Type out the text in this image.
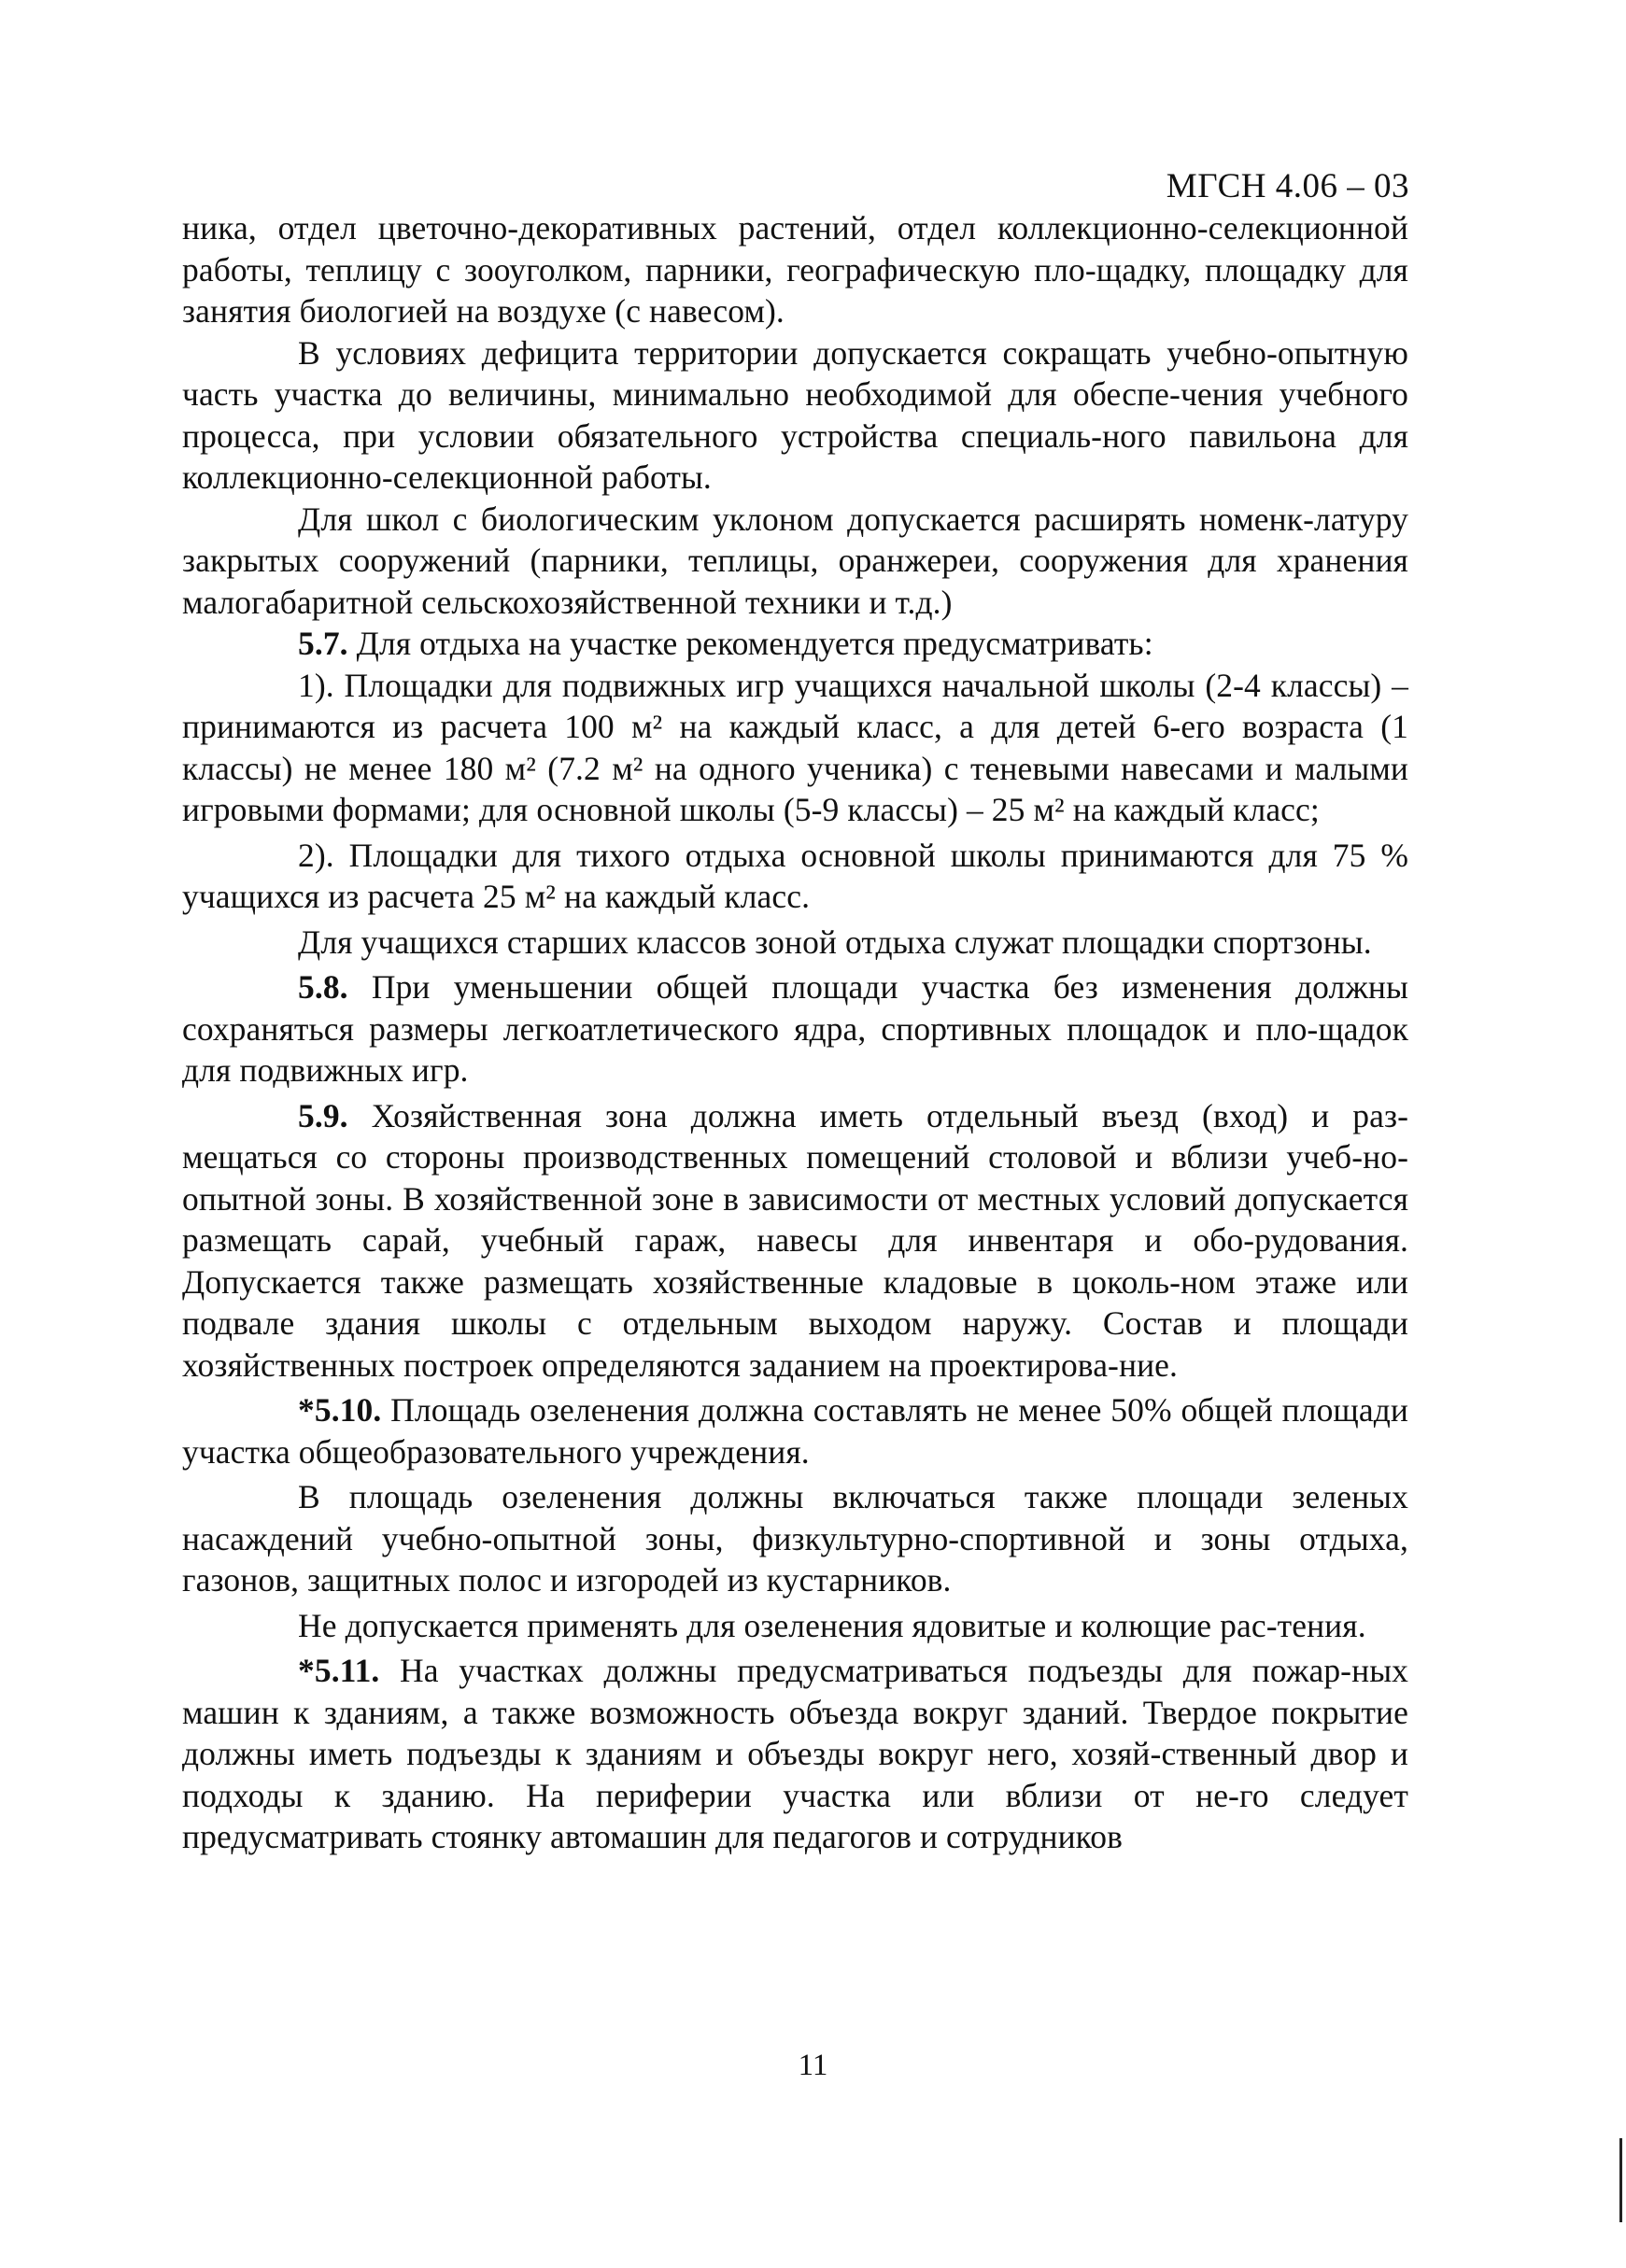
МГСН 4.06 – 03

ника, отдел цветочно-декоративных растений, отдел коллекционно-селекционной работы, теплицу с зооуголком, парники, географическую пло-щадку, площадку для занятия биологией на воздухе (с навесом).

В условиях дефицита территории допускается сокращать учебно-опытную часть участка до величины, минимально необходимой для обеспе-чения учебного процесса, при условии обязательного устройства специаль-ного павильона для коллекционно-селекционной работы.

Для школ с биологическим уклоном допускается расширять номенк-латуру закрытых сооружений (парники, теплицы, оранжереи, сооружения для хранения малогабаритной сельскохозяйственной техники и т.д.)

5.7. Для отдыха на участке рекомендуется предусматривать:

1). Площадки для подвижных игр учащихся начальной школы (2-4 классы) –принимаются из расчета 100 м² на каждый класс, а для детей 6-его возраста (1 классы) не менее 180 м² (7.2 м² на одного ученика) с теневыми навесами и малыми игровыми формами; для основной школы (5-9 классы) – 25 м² на каждый класс;

2). Площадки для тихого отдыха основной школы принимаются для 75 % учащихся из расчета 25 м² на каждый класс.

Для учащихся старших классов зоной отдыха служат площадки спортзоны.

5.8. При уменьшении общей площади участка без изменения должны сохраняться размеры легкоатлетического ядра, спортивных площадок и пло-щадок для подвижных игр.

5.9. Хозяйственная зона должна иметь отдельный въезд (вход) и раз-мещаться со стороны производственных помещений столовой и вблизи учеб-но-опытной зоны. В хозяйственной зоне в зависимости от местных условий допускается размещать сарай, учебный гараж, навесы для инвентаря и обо-рудования. Допускается также размещать хозяйственные кладовые в цоколь-ном этаже или подвале здания школы с отдельным выходом наружу. Состав и площади хозяйственных построек определяются заданием на проектирова-ние.

*5.10. Площадь озеленения должна составлять не менее 50% общей площади участка общеобразовательного учреждения.

В площадь озеленения должны включаться также площади зеленых насаждений учебно-опытной зоны, физкультурно-спортивной и зоны отдыха, газонов, защитных полос и изгородей из кустарников.

Не допускается применять для озеленения ядовитые и колющие рас-тения.

*5.11. На участках должны предусматриваться подъезды для пожар-ных машин к зданиям, а также возможность объезда вокруг зданий. Твердое покрытие должны иметь подъезды к зданиям и объезды вокруг него, хозяй-ственный двор и подходы к зданию. На периферии участка или вблизи от не-го следует предусматривать стоянку автомашин для педагогов и сотрудников

11
